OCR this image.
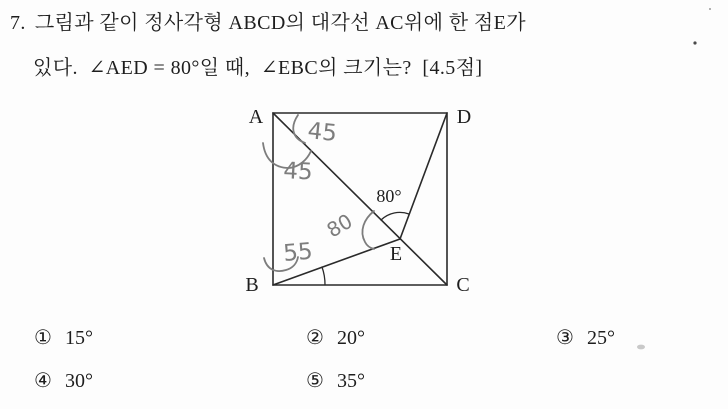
7. 그림과 같이 정사각형 ABCD의 대각선 AC위에 한 점E가
있다.  ∠AED = 80°일 때,  ∠EBC의 크기는?  [4.5점]
A	D
B	C
E
80°
45
45
55
80
① 15°	② 20°	③ 25°
④ 30°	⑤ 35°
